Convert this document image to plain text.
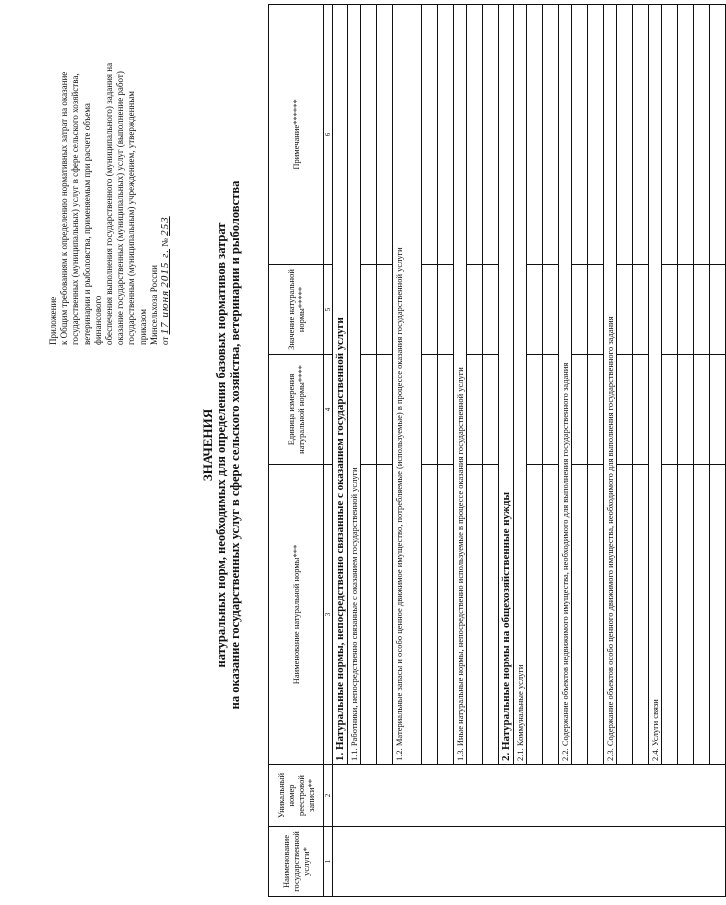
Приложение к Общим требованиям к определению нормативных затрат на оказание государственных (муниципальных) услуг в сфере сельского хозяйства, ветеринарии и рыболовства, применяемым при расчете объема финансового обеспечения выполнения государственного (муниципального) задания на оказание государственных (муниципальных) услуг (выполнение работ) государственным (муниципальным) учреждением, утвержденным приказом Минсельхоза России от 17 июня 2015 г. № 253
ЗНАЧЕНИЯ натуральных норм, необходимых для определения базовых нормативов затрат на оказание государственных услуг в сфере сельского хозяйства, ветеринарии и рыболовства
Наименование государственной услуги*	Уникальный номер реестровой записи**	Наименование натуральной нормы***	Единица измерения натуральной нормы****	Значение натуральной нормы*****	Примечание******
1	2	3	4	5	6
		1. Натуральные нормы, непосредственно связанные с оказанием государственной услуги			
		1.1. Работники, непосредственно связанные с оказанием государственной услуги			

		1.2. Материальные запасы и особо ценное движимое имущество, потребляемые (используемые) в процессе оказания государственной услуги			

		1.3. Иные натуральные нормы, непосредственно используемые в процессе оказания государственной услуги			

		2. Натуральные нормы на общехозяйственные нужды			
		2.1. Коммунальные услуги			

		2.2. Содержание объектов недвижимого имущества, необходимого для выполнения государственного задания			

		2.3. Содержание объектов особо ценного движимого имущества, необходимого для выполнения государственного задания			

		2.4. Услуги связи			
